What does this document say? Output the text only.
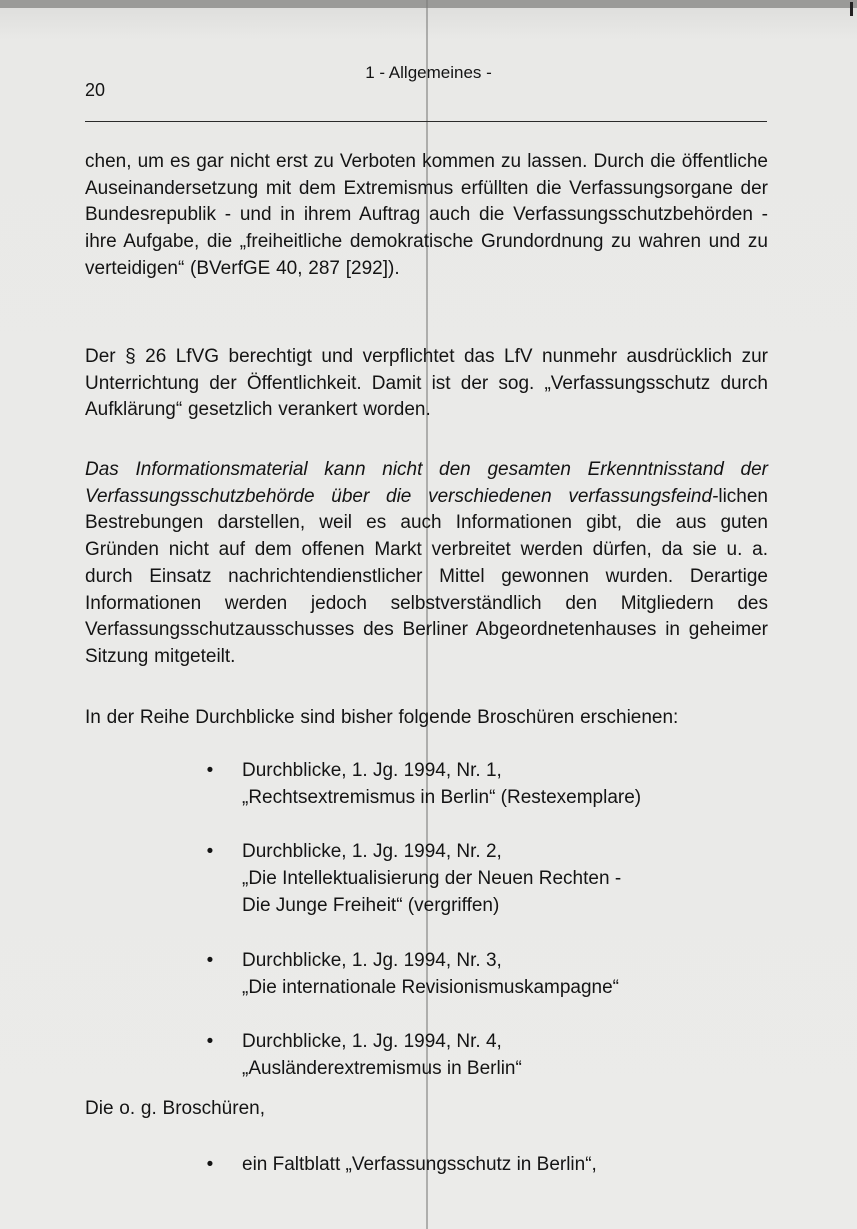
20
1 - Allgemeines -

chen, um es gar nicht erst zu Verboten kommen zu lassen. Durch die öffentliche Auseinandersetzung mit dem Extremismus erfüllten die Verfassungsorgane der Bundesrepublik - und in ihrem Auftrag auch die Verfassungsschutzbehörden - ihre Aufgabe, die „freiheitliche demokratische Grundordnung zu wahren und zu verteidigen“ (BVerfGE 40, 287 [292]).

Der § 26 LfVG berechtigt und verpflichtet das LfV nunmehr ausdrücklich zur Unterrichtung der Öffentlichkeit. Damit ist der sog. „Verfassungsschutz durch Aufklärung“ gesetzlich verankert worden.

Das Informationsmaterial kann nicht den gesamten Erkenntnisstand der Verfassungsschutzbehörde über die verschiedenen verfassungsfeind-lichen Bestrebungen darstellen, weil es auch Informationen gibt, die aus guten Gründen nicht auf dem offenen Markt verbreitet werden dürfen, da sie u. a. durch Einsatz nachrichtendienstlicher Mittel gewonnen wurden. Derartige Informationen werden jedoch selbstverständlich den Mitgliedern des Verfassungsschutzausschusses des Berliner Abgeordnetenhauses in geheimer Sitzung mitgeteilt.

In der Reihe Durchblicke sind bisher folgende Broschüren erschienen:

• Durchblicke, 1. Jg. 1994, Nr. 1,
„Rechtsextremismus in Berlin“ (Restexemplare)
• Durchblicke, 1. Jg. 1994, Nr. 2,
„Die Intellektualisierung der Neuen Rechten -
Die Junge Freiheit“ (vergriffen)
• Durchblicke, 1. Jg. 1994, Nr. 3,
„Die internationale Revisionismuskampagne“
• Durchblicke, 1. Jg. 1994, Nr. 4,
„Ausländerextremismus in Berlin“

Die o. g. Broschüren,

• ein Faltblatt „Verfassungsschutz in Berlin“,
